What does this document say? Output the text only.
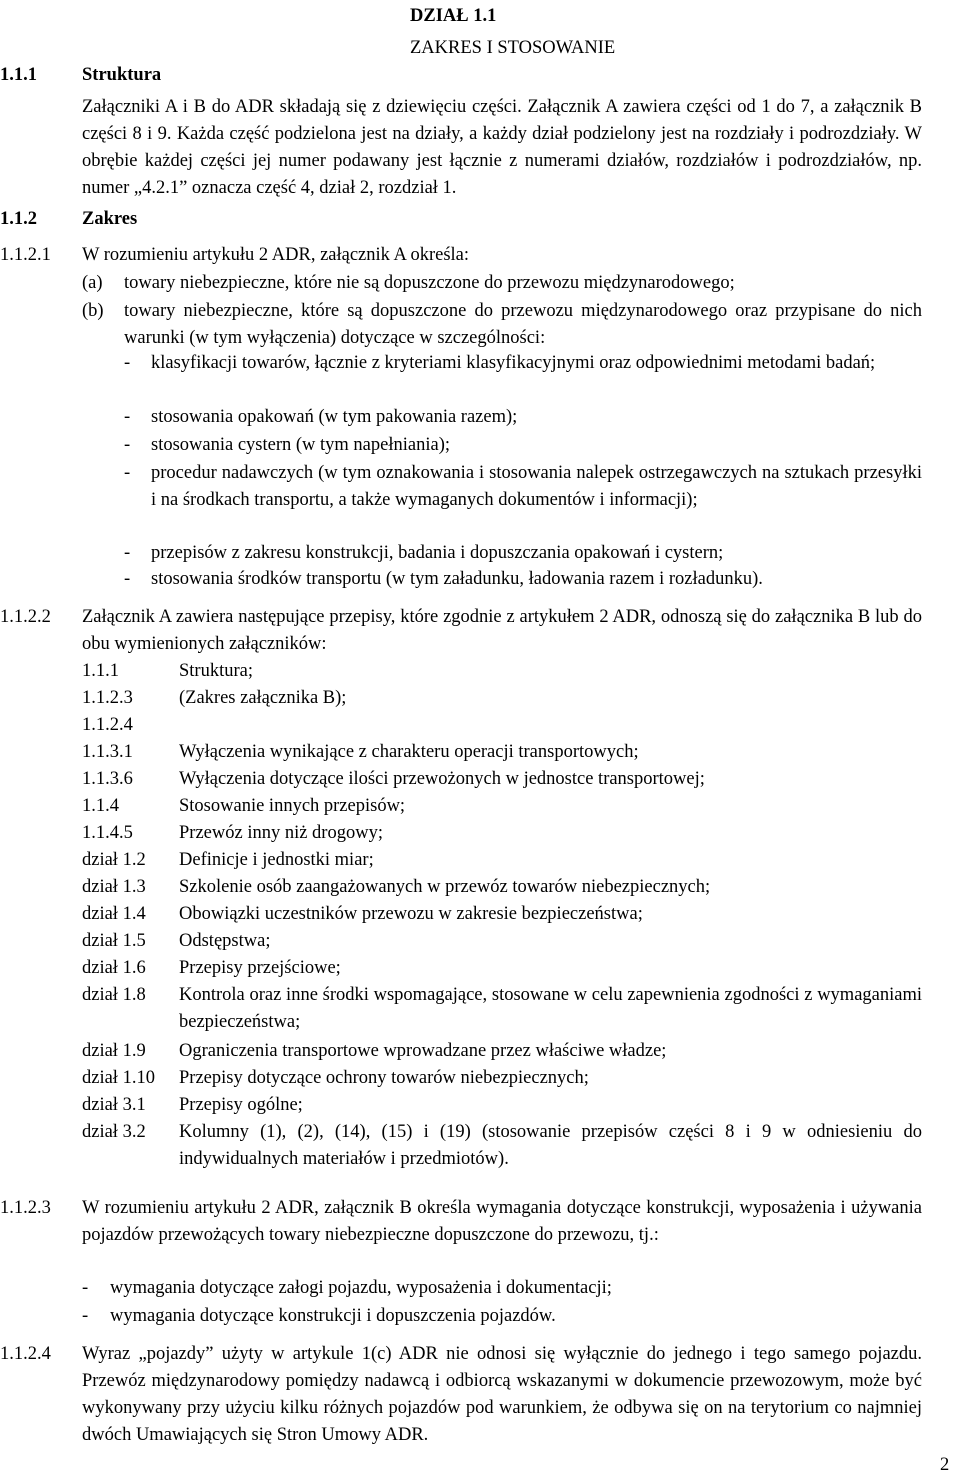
DZIAŁ 1.1
ZAKRES I STOSOWANIE
1.1.1 Struktura
Załączniki A i B do ADR składają się z dziewięciu części. Załącznik A zawiera części od 1 do 7, a załącznik B części 8 i 9. Każda część podzielona jest na działy, a każdy dział podzielony jest na rozdziały i podrozdziały. W obrębie każdej części jej numer podawany jest łącznie z numerami działów, rozdziałów i podrozdziałów, np. numer „4.2.1” oznacza część 4, dział 2, rozdział 1.
1.1.2 Zakres
1.1.2.1 W rozumieniu artykułu 2 ADR, załącznik A określa:
(a) towary niebezpieczne, które nie są dopuszczone do przewozu międzynarodowego;
(b) towary niebezpieczne, które są dopuszczone do przewozu międzynarodowego oraz przypisane do nich warunki (w tym wyłączenia) dotyczące w szczególności:
- klasyfikacji towarów, łącznie z kryteriami klasyfikacyjnymi oraz odpowiednimi metodami badań;
- stosowania opakowań (w tym pakowania razem);
- stosowania cystern (w tym napełniania);
- procedur nadawczych (w tym oznakowania i stosowania nalepek ostrzegawczych na sztukach przesyłki i na środkach transportu, a także wymaganych dokumentów i informacji);
- przepisów z zakresu konstrukcji, badania i dopuszczania opakowań i cystern;
- stosowania środków transportu (w tym załadunku, ładowania razem i rozładunku).
1.1.2.2 Załącznik A zawiera następujące przepisy, które zgodnie z artykułem 2 ADR, odnoszą się do załącznika B lub do obu wymienionych załączników:
1.1.1	Struktura;
1.1.2.3 (Zakres załącznika B);
1.1.2.4
1.1.3.1 Wyłączenia wynikające z charakteru operacji transportowych;
1.1.3.6 Wyłączenia dotyczące ilości przewożonych w jednostce transportowej;
1.1.4	Stosowanie innych przepisów;
1.1.4.5 Przewóz inny niż drogowy;
dział 1.2 Definicje i jednostki miar;
dział 1.3 Szkolenie osób zaangażowanych w przewóz towarów niebezpiecznych;
dział 1.4 Obowiązki uczestników przewozu w zakresie bezpieczeństwa;
dział 1.5 Odstępstwa;
dział 1.6 Przepisy przejściowe;
dział 1.8 Kontrola oraz inne środki wspomagające, stosowane w celu zapewnienia zgodności z wymaganiami bezpieczeństwa;
dział 1.9 Ograniczenia transportowe wprowadzane przez właściwe władze;
dział 1.10 Przepisy dotyczące ochrony towarów niebezpiecznych;
dział 3.1 Przepisy ogólne;
dział 3.2 Kolumny (1), (2), (14), (15) i (19) (stosowanie przepisów części 8 i 9 w odniesieniu do indywidualnych materiałów i przedmiotów).
1.1.2.3 W rozumieniu artykułu 2 ADR, załącznik B określa wymagania dotyczące konstrukcji, wyposażenia i używania pojazdów przewożących towary niebezpieczne dopuszczone do przewozu, tj.:
- wymagania dotyczące załogi pojazdu, wyposażenia i dokumentacji;
- wymagania dotyczące konstrukcji i dopuszczenia pojazdów.
1.1.2.4 Wyraz „pojazdy” użyty w artykule 1(c) ADR nie odnosi się wyłącznie do jednego i tego samego pojazdu. Przewóz międzynarodowy pomiędzy nadawcą i odbiorcą wskazanymi w dokumencie przewozowym, może być wykonywany przy użyciu kilku różnych pojazdów pod warunkiem, że odbywa się on na terytorium co najmniej dwóch Umawiających się Stron Umowy ADR.
2
